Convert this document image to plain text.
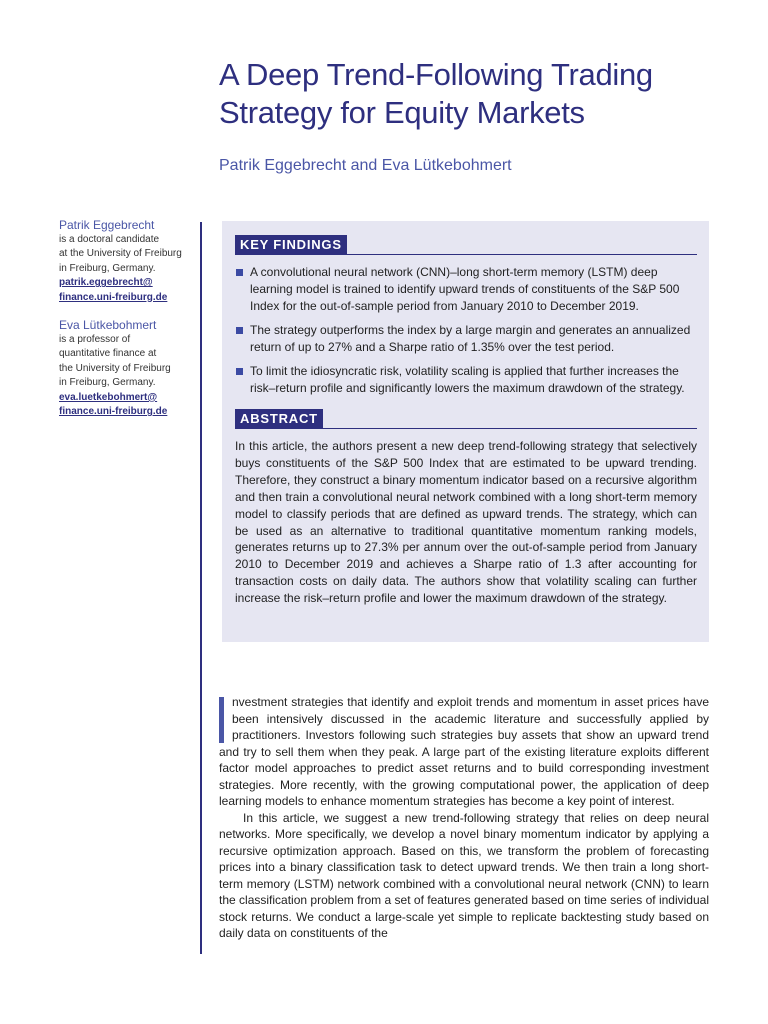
A Deep Trend-Following Trading Strategy for Equity Markets
Patrik Eggebrecht and Eva Lütkebohmert
Patrik Eggebrecht
is a doctoral candidate
at the University of Freiburg
in Freiburg, Germany.
patrik.eggebrecht@
finance.uni-freiburg.de
Eva Lütkebohmert
is a professor of
quantitative finance at
the University of Freiburg
in Freiburg, Germany.
eva.luetkebohmert@
finance.uni-freiburg.de
KEY FINDINGS
A convolutional neural network (CNN)–long short-term memory (LSTM) deep learning model is trained to identify upward trends of constituents of the S&P 500 Index for the out-of-sample period from January 2010 to December 2019.
The strategy outperforms the index by a large margin and generates an annualized return of up to 27% and a Sharpe ratio of 1.35% over the test period.
To limit the idiosyncratic risk, volatility scaling is applied that further increases the risk–return profile and significantly lowers the maximum drawdown of the strategy.
ABSTRACT

In this article, the authors present a new deep trend-following strategy that selectively buys constituents of the S&P 500 Index that are estimated to be upward trending. Therefore, they construct a binary momentum indicator based on a recursive algorithm and then train a convolutional neural network combined with a long short-term memory model to classify periods that are defined as upward trends. The strategy, which can be used as an alternative to traditional quantitative momentum ranking models, generates returns up to 27.3% per annum over the out-of-sample period from January 2010 to December 2019 and achieves a Sharpe ratio of 1.3 after accounting for transaction costs on daily data. The authors show that volatility scaling can further increase the risk–return profile and lower the maximum drawdown of the strategy.

nvestment strategies that identify and exploit trends and momentum in asset prices have been intensively discussed in the academic literature and successfully applied by practitioners. Investors following such strategies buy assets that show an upward trend and try to sell them when they peak. A large part of the existing literature exploits different factor model approaches to predict asset returns and to build corresponding investment strategies. More recently, with the growing computational power, the application of deep learning models to enhance momentum strategies has become a key point of interest.

In this article, we suggest a new trend-following strategy that relies on deep neural networks. More specifically, we develop a novel binary momentum indicator by applying a recursive optimization approach. Based on this, we transform the problem of forecasting prices into a binary classification task to detect upward trends. We then train a long short-term memory (LSTM) network combined with a convolutional neural network (CNN) to learn the classification problem from a set of features generated based on time series of individual stock returns. We conduct a large-scale yet simple to replicate backtesting study based on daily data on constituents of the
